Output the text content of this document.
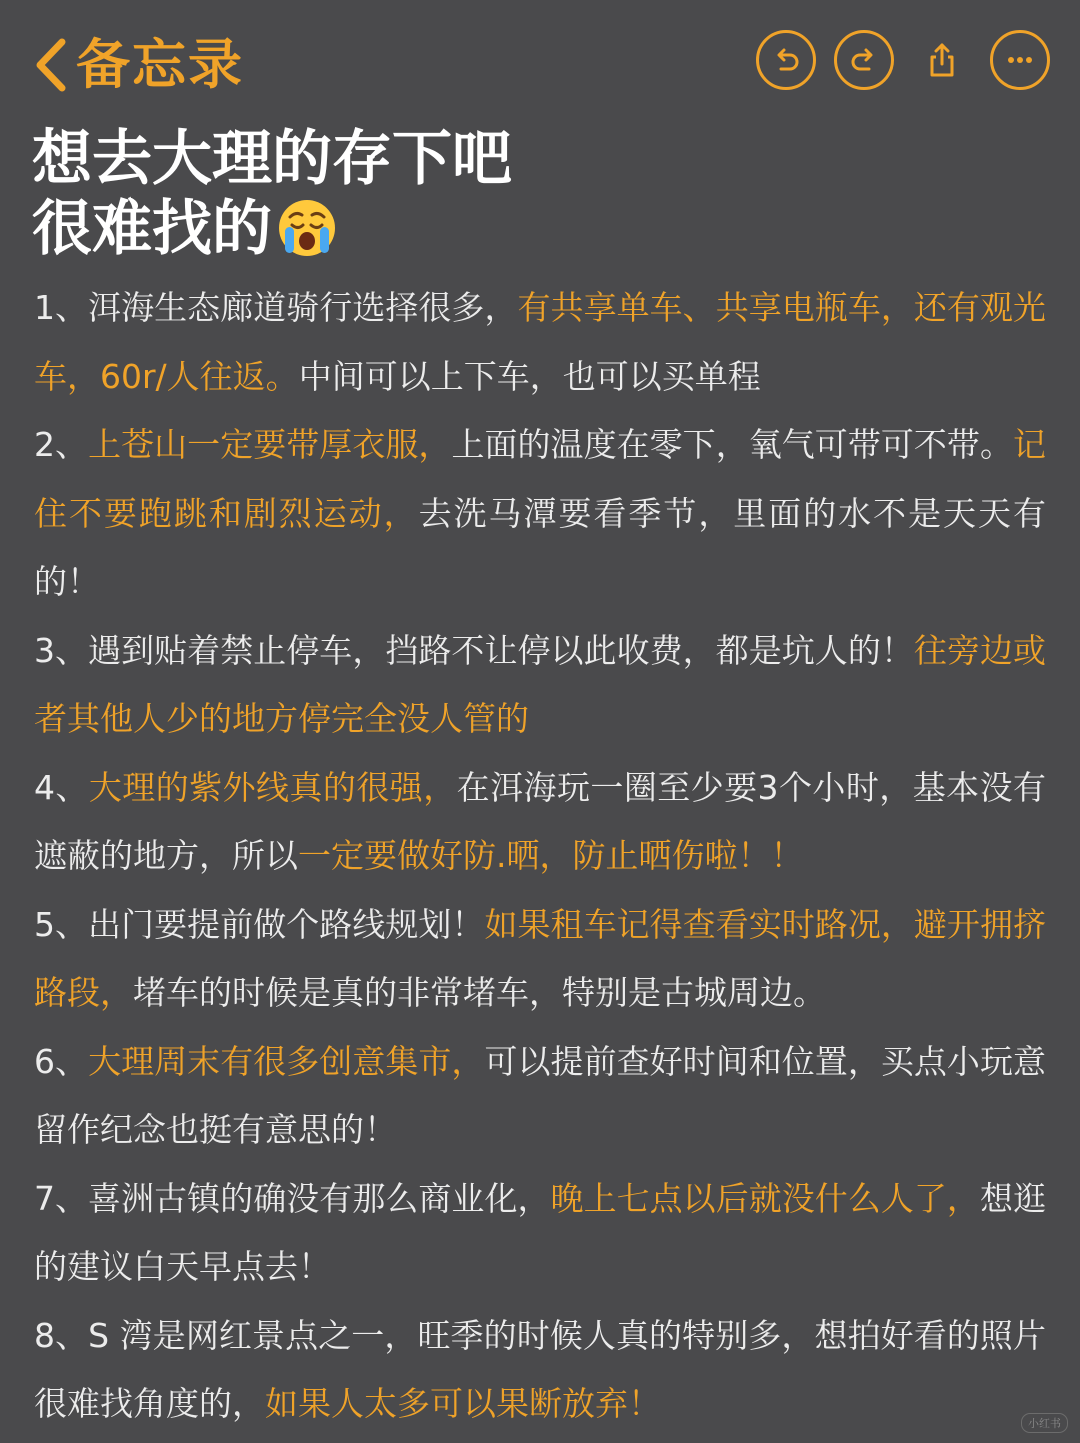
备忘录
想去大理的存下吧
很难找的

1、洱海生态廊道骑行选择很多，有共享单车、共享电瓶车，还有观光车，60r/人往返。中间可以上下车，也可以买单程

2、上苍山一定要带厚衣服，上面的温度在零下，氧气可带可不带。记住不要跑跳和剧烈运动，去洗马潭要看季节，里面的水不是天天有的！

3、遇到贴着禁止停车，挡路不让停以此收费，都是坑人的！往旁边或者其他人少的地方停完全没人管的

4、大理的紫外线真的很强，在洱海玩一圈至少要3个小时，基本没有遮蔽的地方，所以一定要做好防.晒，防止晒伤啦！！

5、出门要提前做个路线规划！如果租车记得查看实时路况，避开拥挤路段，堵车的时候是真的非常堵车，特别是古城周边。

6、大理周末有很多创意集市，可以提前查好时间和位置，买点小玩意留作纪念也挺有意思的！

7、喜洲古镇的确没有那么商业化，晚上七点以后就没什么人了，想逛的建议白天早点去！

8、S 湾是网红景点之一，旺季的时候人真的特别多，想拍好看的照片很难找角度的，如果人太多可以果断放弃！

小红书
